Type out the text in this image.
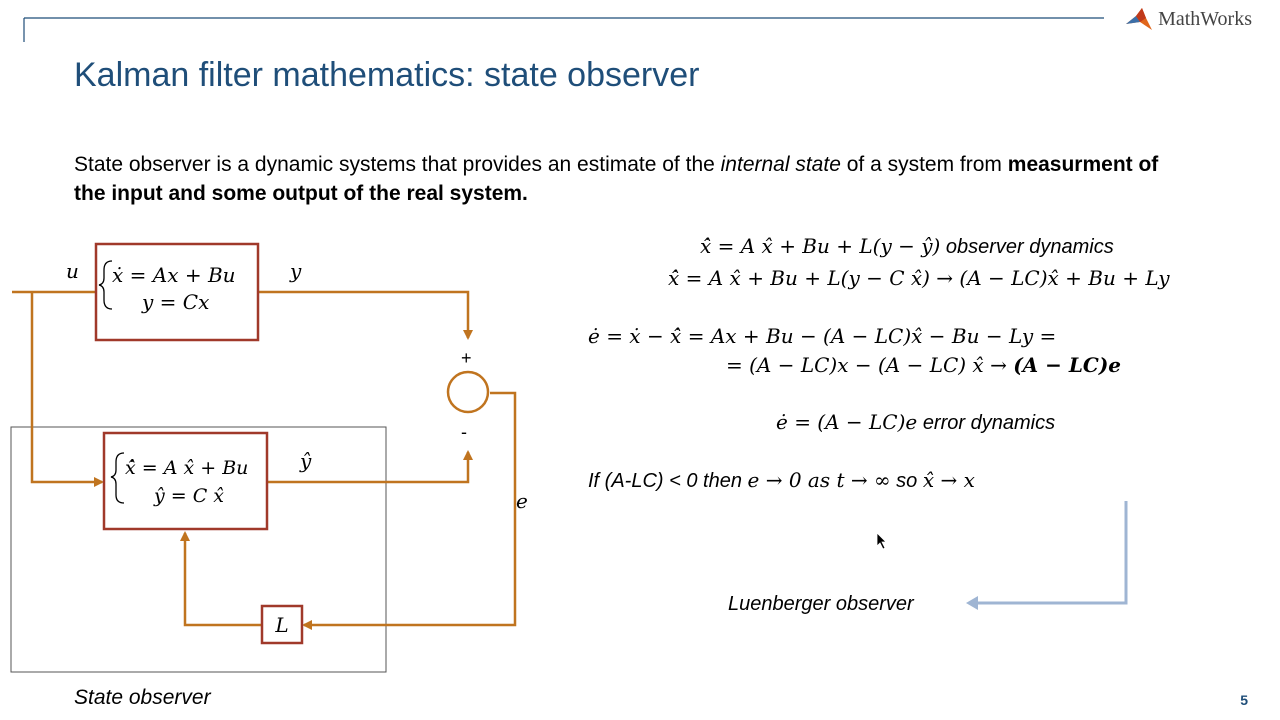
MathWorks
Kalman filter mathematics: state observer
State observer is a dynamic systems that provides an estimate of the internal state of a system from measurment of the input and some output of the real system.
u	y
ŷ
e
+
-
L
ẋ = Ax + Bu
y = Cx
x̂̇ = A x̂ + Bu
ŷ = C x̂
x̂̇ = A x̂ + Bu + L(y − ŷ) observer dynamics
x̂̇ = A x̂ + Bu + L(y − C x̂) → (A − LC)x̂ + Bu + Ly
ė = ẋ − x̂̇ = Ax + Bu − (A − LC)x̂ − Bu − Ly =
= (A − LC)x − (A − LC) x̂ → (A − LC)e
ė = (A − LC)e error dynamics
If (A-LC) < 0 then e → 0 as t → ∞ so x̂ → x
Luenberger observer
State observer	5
